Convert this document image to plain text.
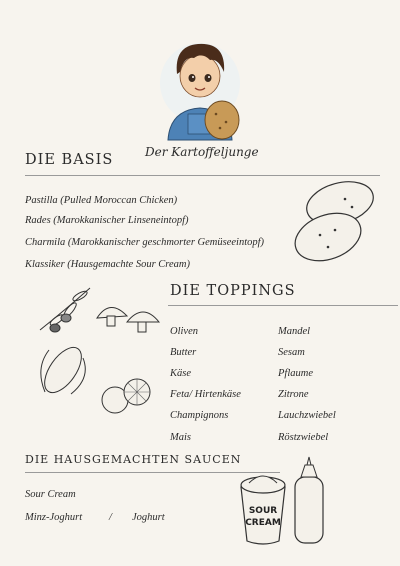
Der Kartoffeljunge
DIE BASIS
Pastilla (Pulled Moroccan Chicken)
Rades (Marokkanischer Linseneintopf)
Charmila (Marokkanischer geschmorter Gemüseeintopf)
Klassiker (Hausgemachte Sour Cream)
DIE TOPPINGS
Oliven
Butter
Käse
Feta/ Hirtenkäse
Champignons
Mais
Mandel
Sesam
Pflaume
Zitrone
Lauchzwiebel
Röstzwiebel
DIE HAUSGEMACHTEN SAUCEN
Sour Cream
Minz-Joghurt	/ Joghurt
SOUR
CREAM
